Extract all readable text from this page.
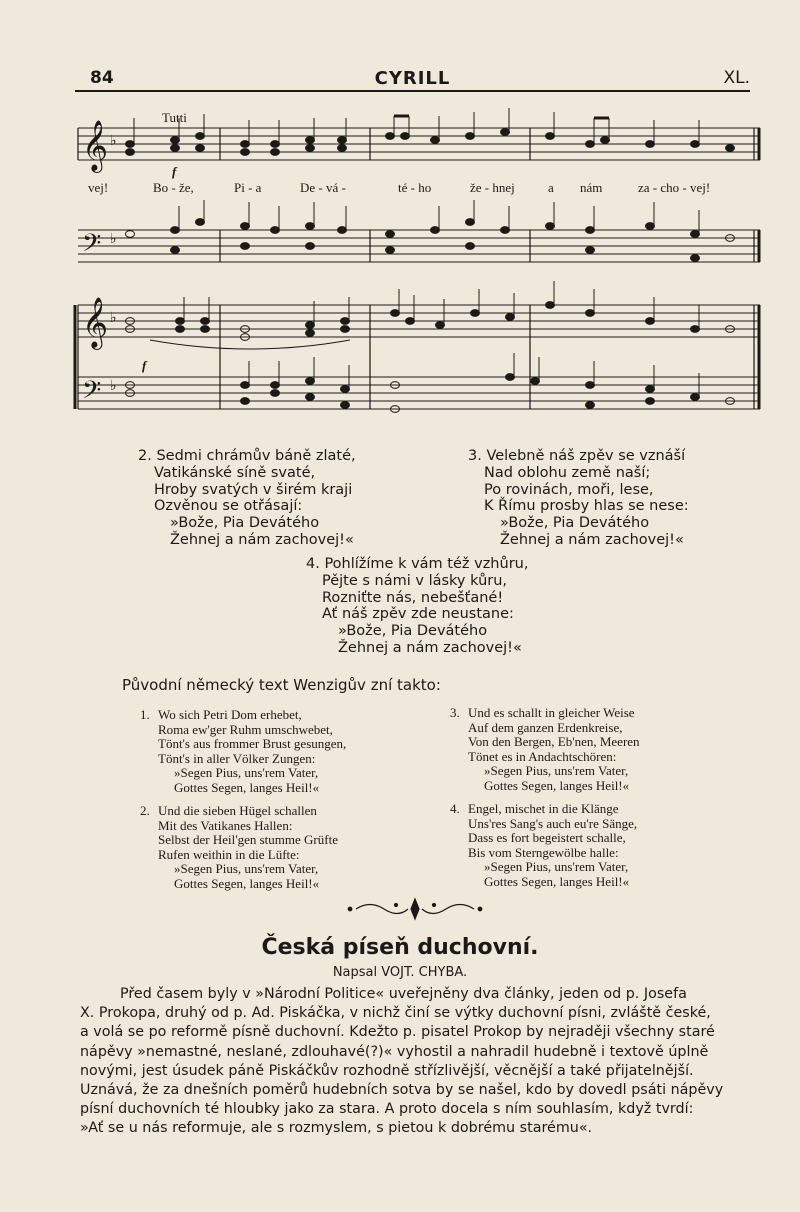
84	CYRILL	XL.
Tutti
𝄞
𝄢
𝄞
𝄢
♭
♭
♭
♭
f
f
vej!	Bo - že,	Pi - a	De - vá -	té - ho	že - hnej	a nám	za - cho - vej!
2. Sedmi chrámův báně zlaté,
Vatikánské síně svaté,
Hroby svatých v širém kraji
Ozvěnou se otřásají:
»Bože, Pia Devátého
Žehnej a nám zachovej!«
3. Velebně náš zpěv se vznáší
Nad oblohu země naší;
Po rovinách, moři, lese,
K Římu prosby hlas se nese:
»Bože, Pia Devátého
Žehnej a nám zachovej!«
4. Pohlížíme k vám též vzhůru,
Pějte s námi v lásky kůru,
Rozniťte nás, nebešťané!
Ať náš zpěv zde neustane:
»Bože, Pia Devátého
Žehnej a nám zachovej!«
Původní německý text Wenzigův zní takto:
1. Wo sich Petri Dom erhebet,
Roma ew'ger Ruhm umschwebet,
Tönt's aus frommer Brust gesungen,
Tönt's in aller Völker Zungen:
»Segen Pius, uns'rem Vater,
Gottes Segen, langes Heil!«
3. Und es schallt in gleicher Weise
Auf dem ganzen Erdenkreise,
Von den Bergen, Eb'nen, Meeren
Tönet es in Andachtschören:
»Segen Pius, uns'rem Vater,
Gottes Segen, langes Heil!«
2. Und die sieben Hügel schallen
Mit des Vatikanes Hallen:
Selbst der Heil'gen stumme Grüfte
Rufen weithin in die Lüfte:
»Segen Pius, uns'rem Vater,
Gottes Segen, langes Heil!«
4. Engel, mischet in die Klänge
Uns'res Sang's auch eu're Sänge,
Dass es fort begeistert schalle,
Bis vom Sterngewölbe halle:
»Segen Pius, uns'rem Vater,
Gottes Segen, langes Heil!«
Česká píseň duchovní.
Napsal VOJT. CHYBA.
Před časem byly v »Národní Politice« uveřejněny dva články, jeden od p. Josefa
X. Prokopa, druhý od p. Ad. Piskáčka, v nichž činí se výtky duchovní písni, zvláště české,
a volá se po reformě písně duchovní. Kdežto p. pisatel Prokop by nejraději všechny staré
nápěvy »nemastné, neslané, zdlouhavé(?)« vyhostil a nahradil hudebně i textově úplně
novými, jest úsudek páně Piskáčkův rozhodně střízlivější, věcnější a také přijatelnější.
Uznává, že za dnešních poměrů hudebních sotva by se našel, kdo by dovedl psáti nápěvy
písní duchovních té hloubky jako za stara. A proto docela s ním souhlasím, když tvrdí:
»Ať se u nás reformuje, ale s rozmyslem, s pietou k dobrému starému«.
